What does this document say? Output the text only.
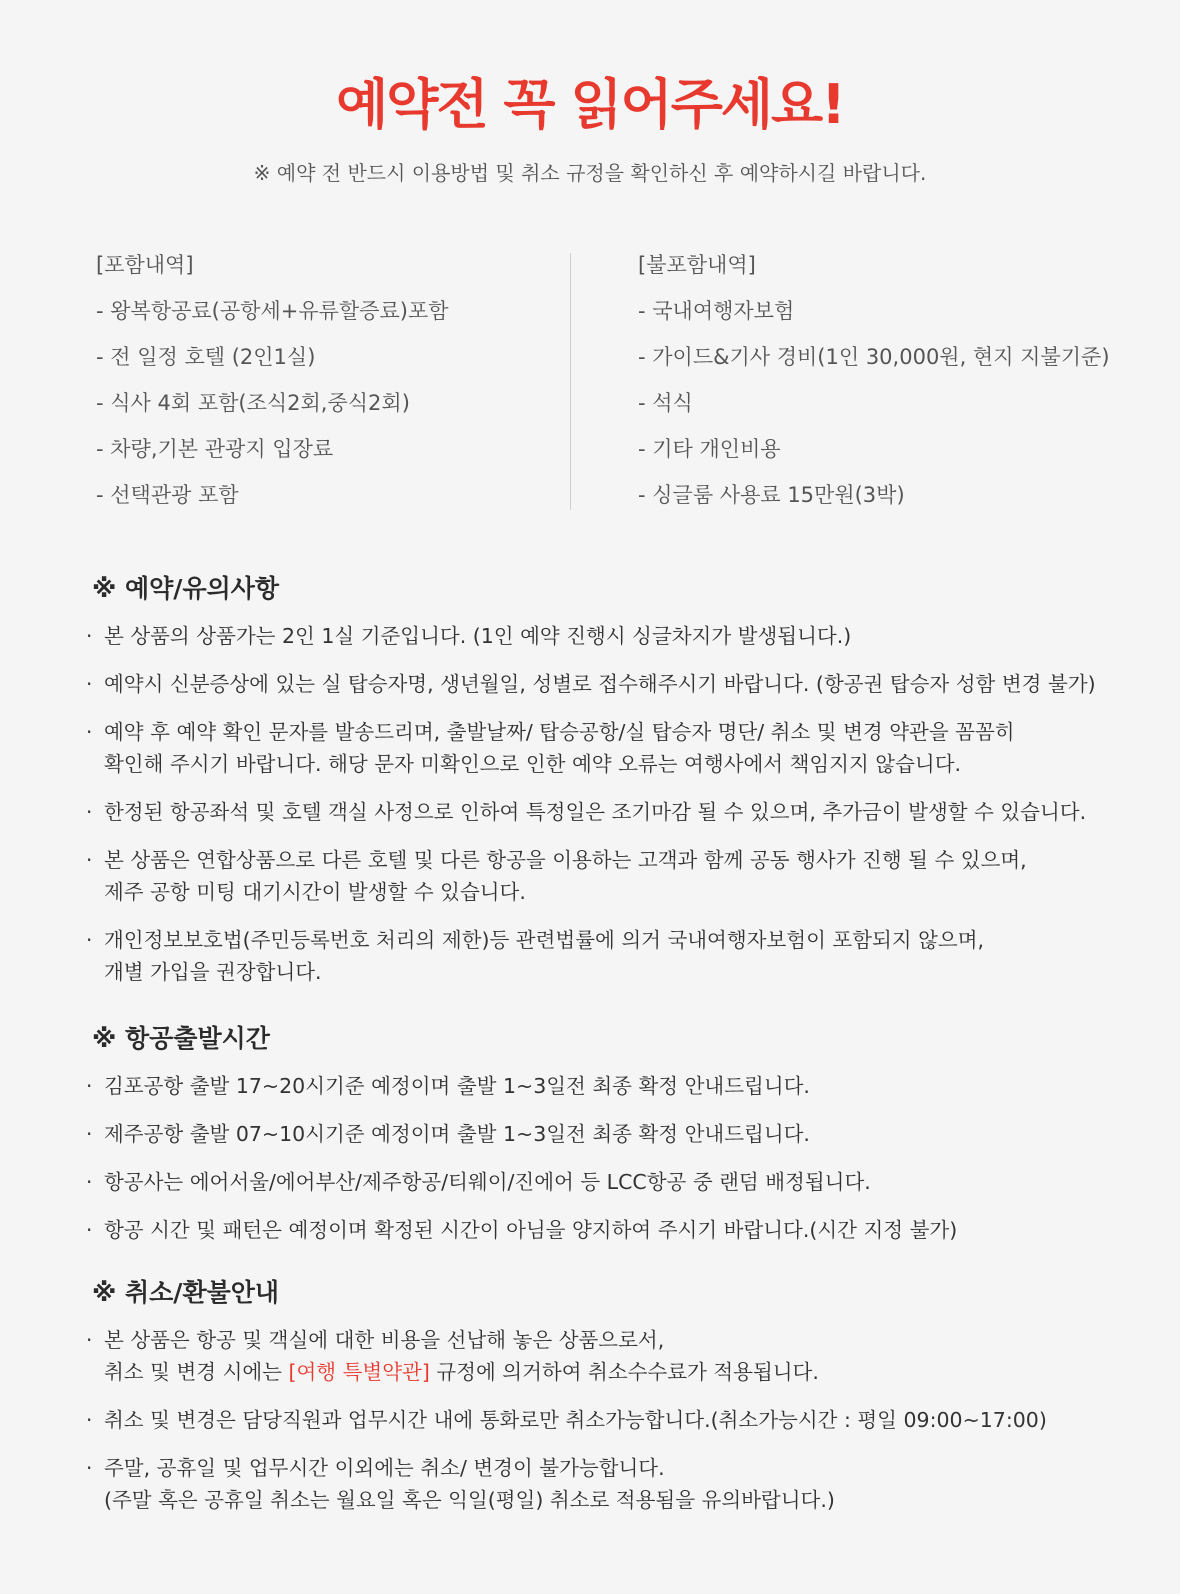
예약전 꼭 읽어주세요!
※ 예약 전 반드시 이용방법 및 취소 규정을 확인하신 후 예약하시길 바랍니다.
[포함내역]
- 왕복항공료(공항세+유류할증료)포함
- 전 일정 호텔 (2인1실)
- 식사 4회 포함(조식2회,중식2회)
- 차량,기본 관광지 입장료
- 선택관광 포함
[불포함내역]
- 국내여행자보험
- 가이드&기사 경비(1인 30,000원, 현지 지불기준)
- 석식
- 기타 개인비용
- 싱글룸 사용료 15만원(3박)
※ 예약/유의사항
· 본 상품의 상품가는 2인 1실 기준입니다. (1인 예약 진행시 싱글차지가 발생됩니다.)
· 예약시 신분증상에 있는 실 탑승자명, 생년월일, 성별로 접수해주시기 바랍니다. (항공권 탑승자 성함 변경 불가)
· 예약 후 예약 확인 문자를 발송드리며, 출발날짜/ 탑승공항/실 탑승자 명단/ 취소 및 변경 약관을 꼼꼼히
확인해 주시기 바랍니다. 해당 문자 미확인으로 인한 예약 오류는 여행사에서 책임지지 않습니다.
· 한정된 항공좌석 및 호텔 객실 사정으로 인하여 특정일은 조기마감 될 수 있으며, 추가금이 발생할 수 있습니다.
· 본 상품은 연합상품으로 다른 호텔 및 다른 항공을 이용하는 고객과 함께 공동 행사가 진행 될 수 있으며,
제주 공항 미팅 대기시간이 발생할 수 있습니다.
· 개인정보보호법(주민등록번호 처리의 제한)등 관련법률에 의거 국내여행자보험이 포함되지 않으며,
개별 가입을 권장합니다.
※ 항공출발시간
· 김포공항 출발 17~20시기준 예정이며 출발 1~3일전 최종 확정 안내드립니다.
· 제주공항 출발 07~10시기준 예정이며 출발 1~3일전 최종 확정 안내드립니다.
· 항공사는 에어서울/에어부산/제주항공/티웨이/진에어 등 LCC항공 중 랜덤 배정됩니다.
· 항공 시간 및 패턴은 예정이며 확정된 시간이 아님을 양지하여 주시기 바랍니다.(시간 지정 불가)
※ 취소/환불안내
· 본 상품은 항공 및 객실에 대한 비용을 선납해 놓은 상품으로서,
취소 및 변경 시에는 [여행 특별약관] 규정에 의거하여 취소수수료가 적용됩니다.
· 취소 및 변경은 담당직원과 업무시간 내에 통화로만 취소가능합니다.(취소가능시간 : 평일 09:00~17:00)
· 주말, 공휴일 및 업무시간 이외에는 취소/ 변경이 불가능합니다.
(주말 혹은 공휴일 취소는 월요일 혹은 익일(평일) 취소로 적용됨을 유의바랍니다.)
